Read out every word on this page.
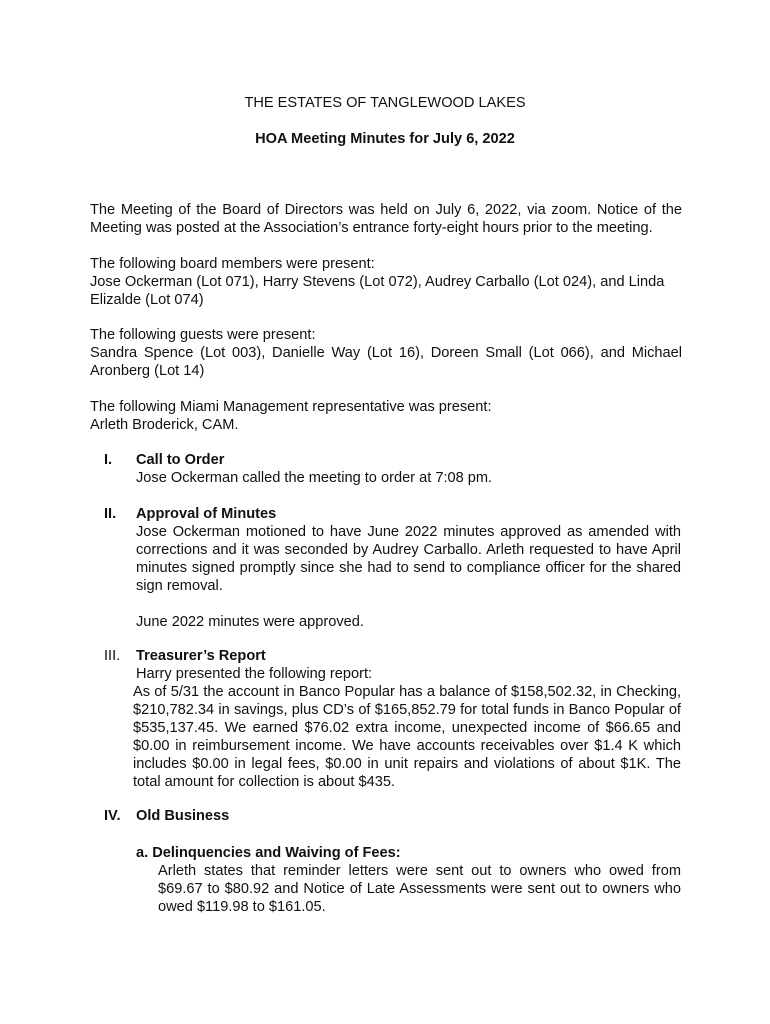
THE ESTATES OF TANGLEWOOD LAKES
HOA Meeting Minutes for July 6, 2022

The Meeting of the Board of Directors was held on July 6, 2022, via zoom. Notice of the Meeting was posted at the Association’s entrance forty-eight hours prior to the meeting.

The following board members were present:

Jose Ockerman (Lot 071), Harry Stevens (Lot 072), Audrey Carballo (Lot 024), and Linda Elizalde (Lot 074)

The following guests were present:

Sandra Spence (Lot 003), Danielle Way (Lot 16), Doreen Small (Lot 066), and Michael Aronberg (Lot 14)

The following Miami Management representative was present:

Arleth Broderick, CAM.

I. Call to Order

Jose Ockerman called the meeting to order at 7:08 pm.

II. Approval of Minutes

Jose Ockerman motioned to have June 2022 minutes approved as amended with corrections and it was seconded by Audrey Carballo. Arleth requested to have April minutes signed promptly since she had to send to compliance officer for the shared sign removal.

June 2022 minutes were approved.

III. Treasurer’s Report

Harry presented the following report:

As of 5/31 the account in Banco Popular has a balance of $158,502.32, in Checking, $210,782.34 in savings, plus CD’s of $165,852.79 for total funds in Banco Popular of $535,137.45. We earned $76.02 extra income, unexpected income of $66.65 and $0.00 in reimbursement income. We have accounts receivables over $1.4 K which includes $0.00 in legal fees, $0.00 in unit repairs and violations of about $1K. The total amount for collection is about $435.

IV. Old Business

a. Delinquencies and Waiving of Fees:

Arleth states that reminder letters were sent out to owners who owed from $69.67 to $80.92 and Notice of Late Assessments were sent out to owners who owed $119.98 to $161.05.
